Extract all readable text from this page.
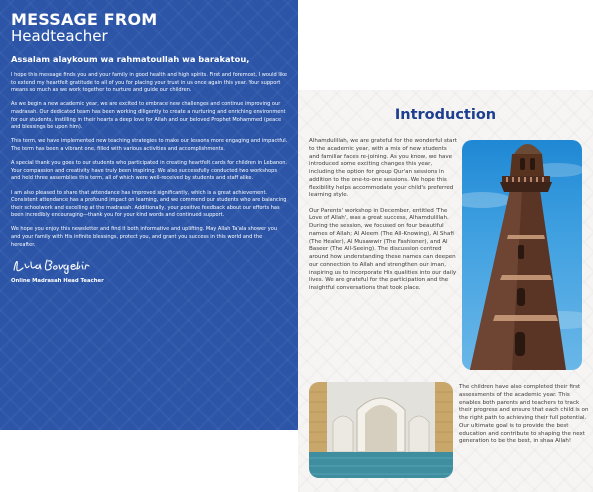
MESSAGE FROM
Headteacher
Assalam alaykoum wa rahmatoullah wa barakatou,

I hope this message finds you and your family in good health and high spirits. First and foremost, I would like to extend my heartfelt gratitude to all of you for placing your trust in us once again this year. Your support means so much as we work together to nurture and guide our children.

As we begin a new academic year, we are excited to embrace new challenges and continue improving our madrasah. Our dedicated team has been working diligently to create a nurturing and enriching environment for our students, instilling in their hearts a deep love for Allah and our beloved Prophet Mohammed (peace and blessings be upon him).

This term, we have implemented new teaching strategies to make our lessons more engaging and impactful. The term has been a vibrant one, filled with various activities and accomplishments.

A special thank you goes to our students who participated in creating heartfelt cards for children in Lebanon. Your compassion and creativity have truly been inspiring. We also successfully conducted two workshops and held three assemblies this term, all of which were well-received by students and staff alike.

I am also pleased to share that attendance has improved significantly, which is a great achievement. Consistent attendance has a profound impact on learning, and we commend our students who are balancing their schoolwork and excelling at the madrasah. Additionally, your positive feedback about our efforts has been incredibly encouraging—thank you for your kind words and continued support.

We hope you enjoy this newsletter and find it both informative and uplifting. May Allah Ta'ala shower you and your family with His infinite blessings, protect you, and grant you success in this world and the hereafter.

Online Madrasah Head Teacher
Introduction

Alhamdulillah, we are grateful for the wonderful start to the academic year, with a mix of new students and familiar faces re-joining. As you know, we have introduced some exciting changes this year, including the option for group Qur'an sessions in addition to the one-to-one sessions. We hope this flexibility helps accommodate your child's preferred learning style.

Our Parents' workshop in December, entitled 'The Love of Allah', was a great success, Alhamdulillah. During the session, we focused on four beautiful names of Allah; Al Aleem (The All-Knowing), Al Shafi (The Healer), Al Musawwir (The Fashioner), and Al Baseer (The All-Seeing). The discussion centred around how understanding these names can deepen our connection to Allah and strengthen our iman, inspiring us to incorporate His qualities into our daily lives. We are grateful for the participation and the insightful conversations that took place.

The children have also completed their first assessments of the academic year. This enables both parents and teachers to track their progress and ensure that each child is on the right path to achieving their full potential. Our ultimate goal is to provide the best education and contribute to shaping the next generation to be the best, in shaa Allah!
